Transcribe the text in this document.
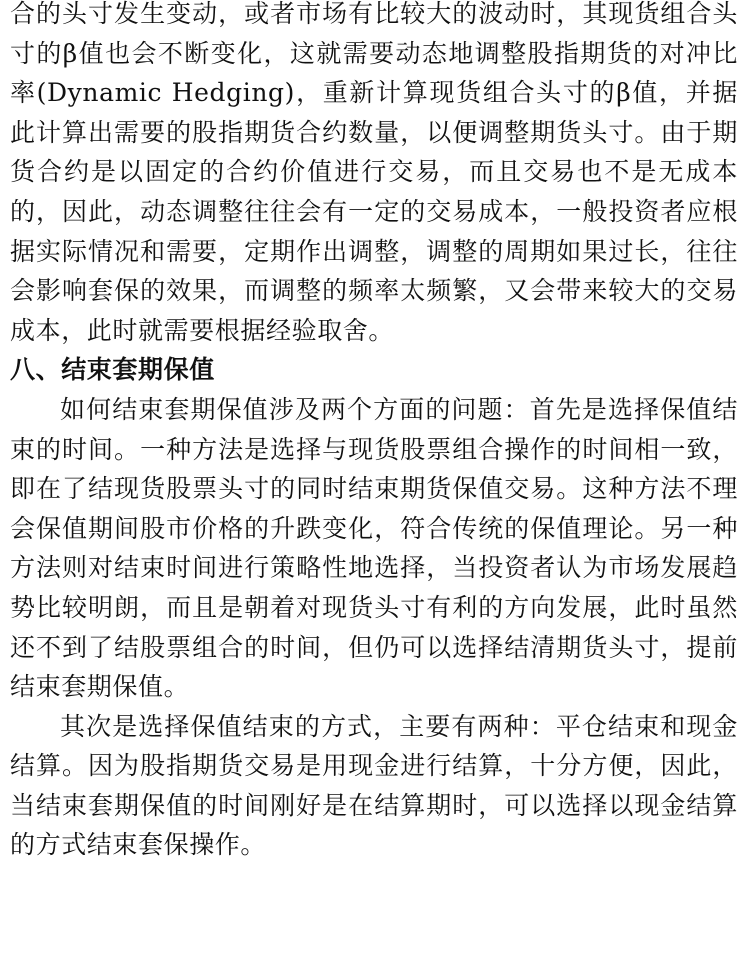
合的头寸发生变动，或者市场有比较大的波动时，其现货组合头寸的β值也会不断变化，这就需要动态地调整股指期货的对冲比率(Dynamic Hedging)，重新计算现货组合头寸的β值，并据此计算出需要的股指期货合约数量，以便调整期货头寸。由于期货合约是以固定的合约价值进行交易，而且交易也不是无成本的，因此，动态调整往往会有一定的交易成本，一般投资者应根据实际情况和需要，定期作出调整，调整的周期如果过长，往往会影响套保的效果，而调整的频率太频繁，又会带来较大的交易成本，此时就需要根据经验取舍。

八、结束套期保值

如何结束套期保值涉及两个方面的问题：首先是选择保值结束的时间。一种方法是选择与现货股票组合操作的时间相一致，即在了结现货股票头寸的同时结束期货保值交易。这种方法不理会保值期间股市价格的升跌变化，符合传统的保值理论。另一种方法则对结束时间进行策略性地选择，当投资者认为市场发展趋势比较明朗，而且是朝着对现货头寸有利的方向发展，此时虽然还不到了结股票组合的时间，但仍可以选择结清期货头寸，提前结束套期保值。

其次是选择保值结束的方式，主要有两种：平仓结束和现金结算。因为股指期货交易是用现金进行结算，十分方便，因此，当结束套期保值的时间刚好是在结算期时，可以选择以现金结算的方式结束套保操作。
